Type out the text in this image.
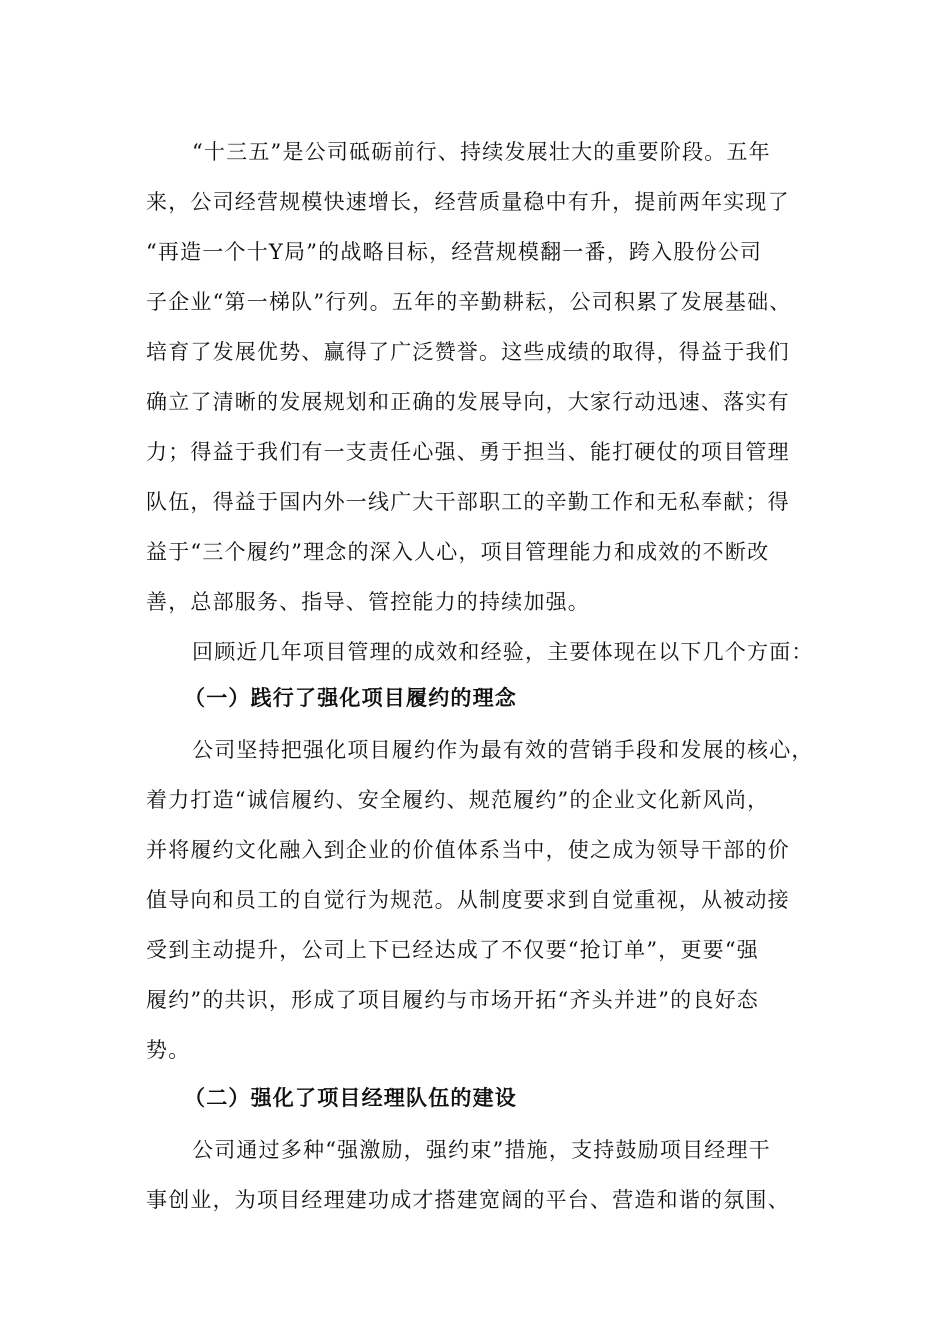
“十三五”是公司砥砺前行、持续发展壮大的重要阶段。五年
来，公司经营规模快速增长，经营质量稳中有升，提前两年实现了
“再造一个十Y局”的战略目标，经营规模翻一番，跨入股份公司
子企业“第一梯队”行列。五年的辛勤耕耘，公司积累了发展基础、
培育了发展优势、赢得了广泛赞誉。这些成绩的取得，得益于我们
确立了清晰的发展规划和正确的发展导向，大家行动迅速、落实有
力；得益于我们有一支责任心强、勇于担当、能打硬仗的项目管理
队伍，得益于国内外一线广大干部职工的辛勤工作和无私奉献；得
益于“三个履约”理念的深入人心，项目管理能力和成效的不断改
善，总部服务、指导、管控能力的持续加强。
回顾近几年项目管理的成效和经验，主要体现在以下几个方面：
（一）践行了强化项目履约的理念
公司坚持把强化项目履约作为最有效的营销手段和发展的核心，
着力打造“诚信履约、安全履约、规范履约”的企业文化新风尚，
并将履约文化融入到企业的价值体系当中，使之成为领导干部的价
值导向和员工的自觉行为规范。从制度要求到自觉重视，从被动接
受到主动提升，公司上下已经达成了不仅要“抢订单”，更要“强
履约”的共识，形成了项目履约与市场开拓“齐头并进”的良好态
势。
（二）强化了项目经理队伍的建设
公司通过多种“强激励，强约束”措施，支持鼓励项目经理干
事创业，为项目经理建功成才搭建宽阔的平台、营造和谐的氛围、
